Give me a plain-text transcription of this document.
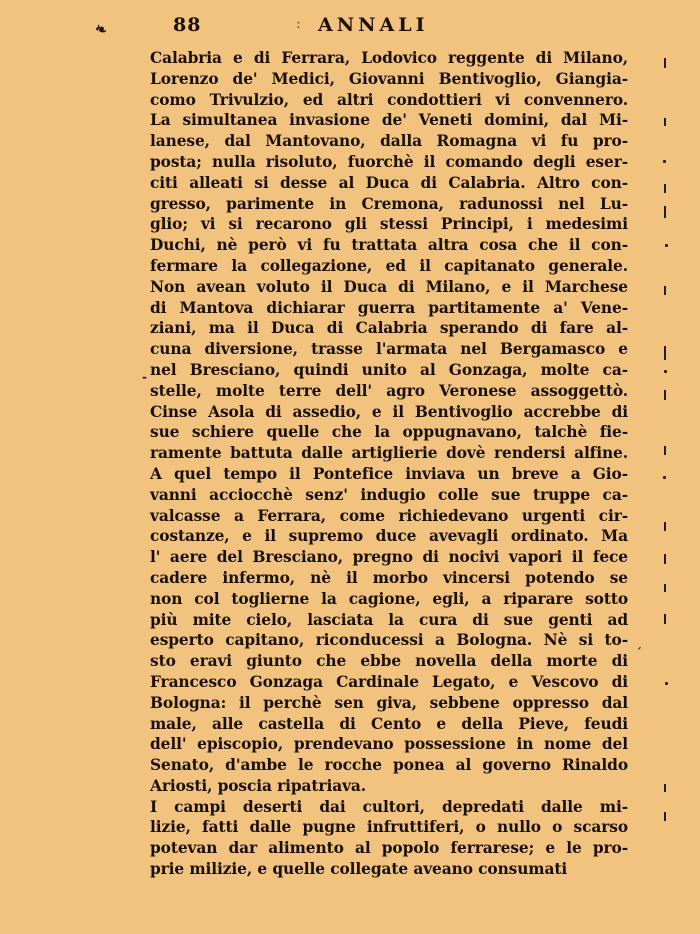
❧	88	: ANNALI
Calabria e di Ferrara, Lodovico reggente di Milano,
Lorenzo de' Medici, Giovanni Bentivoglio, Giangia-
como Trivulzio, ed altri condottieri vi convennero.
La simultanea invasione de' Veneti domini, dal Mi-
lanese, dal Mantovano, dalla Romagna vi fu pro-
posta; nulla risoluto, fuorchè il comando degli eser-
citi alleati si desse al Duca di Calabria. Altro con-
gresso, parimente in Cremona, radunossi nel Lu-
glio; vi si recarono gli stessi Principi, i medesimi
Duchi, nè però vi fu trattata altra cosa che il con-
fermare la collegazione, ed il capitanato generale.
Non avean voluto il Duca di Milano, e il Marchese
di Mantova dichiarar guerra partitamente a' Vene-
ziani, ma il Duca di Calabria sperando di fare al-
cuna diversione, trasse l'armata nel Bergamasco e
nel Bresciano, quindi unito al Gonzaga, molte ca-
stelle, molte terre dell' agro Veronese assoggettò.
Cinse Asola di assedio, e il Bentivoglio accrebbe di
sue schiere quelle che la oppugnavano, talchè fie-
ramente battuta dalle artiglierie dovè rendersi alfine.
A quel tempo il Pontefice inviava un breve a Gio-
vanni acciocchè senz' indugio colle sue truppe ca-
valcasse a Ferrara, come richiedevano urgenti cir-
costanze, e il supremo duce avevagli ordinato. Ma
l' aere del Bresciano, pregno di nocivi vapori il fece
cadere infermo, nè il morbo vincersi potendo se
non col toglierne la cagione, egli, a riparare sotto
più mite cielo, lasciata la cura di sue genti ad
esperto capitano, riconducessi a Bologna. Nè si to-
sto eravi giunto che ebbe novella della morte di
Francesco Gonzaga Cardinale Legato, e Vescovo di
Bologna: il perchè sen giva, sebbene oppresso dal
male, alle castella di Cento e della Pieve, feudi
dell' episcopio, prendevano possessione in nome del
Senato, d'ambe le rocche ponea al governo Rinaldo
Ariosti, poscia ripatriava.
I campi deserti dai cultori, depredati dalle mi-
lizie, fatti dalle pugne infruttiferi, o nullo o scarso
potevan dar alimento al popolo ferrarese; e le pro-
prie milizie, e quelle collegate aveano consumati
-
´
